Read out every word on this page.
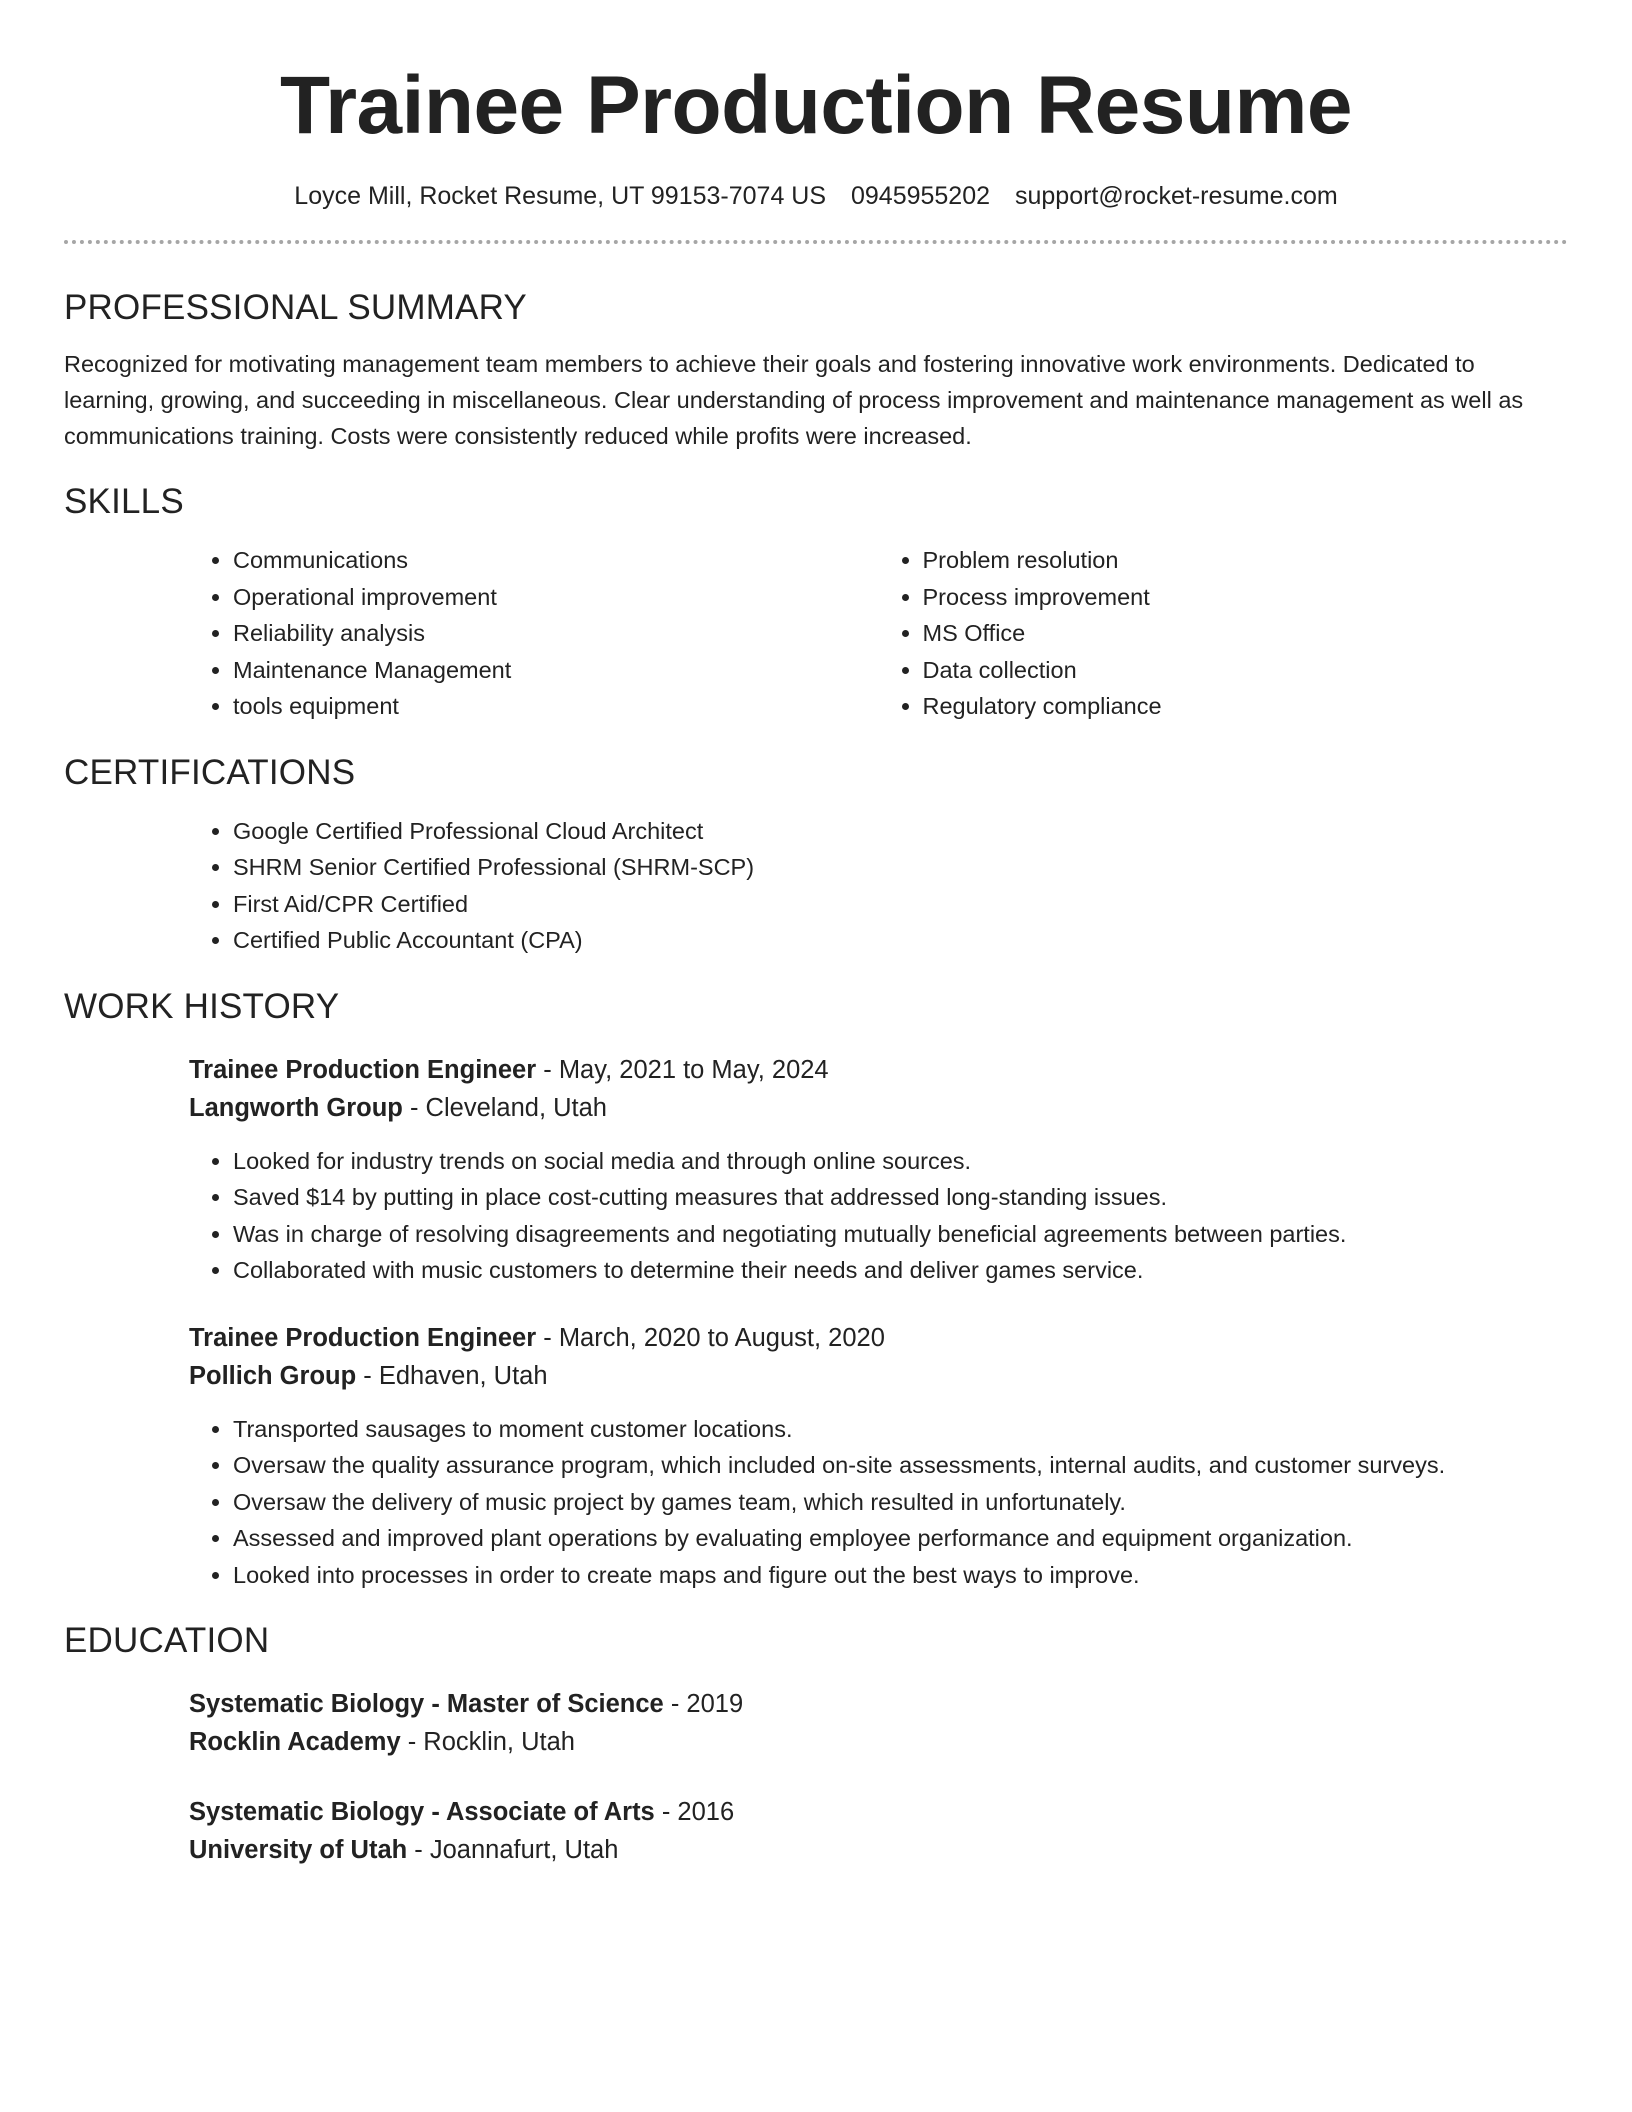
Trainee Production Resume
Loyce Mill, Rocket Resume, UT 99153-7074 US 0945955202 support@rocket-resume.com
PROFESSIONAL SUMMARY

Recognized for motivating management team members to achieve their goals and fostering innovative work environments. Dedicated to learning, growing, and succeeding in miscellaneous. Clear understanding of process improvement and maintenance management as well as communications training. Costs were consistently reduced while profits were increased.

SKILLS
• Communications
• Operational improvement
• Reliability analysis
• Maintenance Management
• tools equipment
• Problem resolution
• Process improvement
• MS Office
• Data collection
• Regulatory compliance
CERTIFICATIONS
• Google Certified Professional Cloud Architect
• SHRM Senior Certified Professional (SHRM-SCP)
• First Aid/CPR Certified
• Certified Public Accountant (CPA)
WORK HISTORY
Trainee Production Engineer - May, 2021 to May, 2024
Langworth Group - Cleveland, Utah
• Looked for industry trends on social media and through online sources.
• Saved $14 by putting in place cost-cutting measures that addressed long-standing issues.
• Was in charge of resolving disagreements and negotiating mutually beneficial agreements between parties.
• Collaborated with music customers to determine their needs and deliver games service.
Trainee Production Engineer - March, 2020 to August, 2020
Pollich Group - Edhaven, Utah
• Transported sausages to moment customer locations.
• Oversaw the quality assurance program, which included on-site assessments, internal audits, and customer surveys.
• Oversaw the delivery of music project by games team, which resulted in unfortunately.
• Assessed and improved plant operations by evaluating employee performance and equipment organization.
• Looked into processes in order to create maps and figure out the best ways to improve.
EDUCATION
Systematic Biology - Master of Science - 2019
Rocklin Academy - Rocklin, Utah
Systematic Biology - Associate of Arts - 2016
University of Utah - Joannafurt, Utah
